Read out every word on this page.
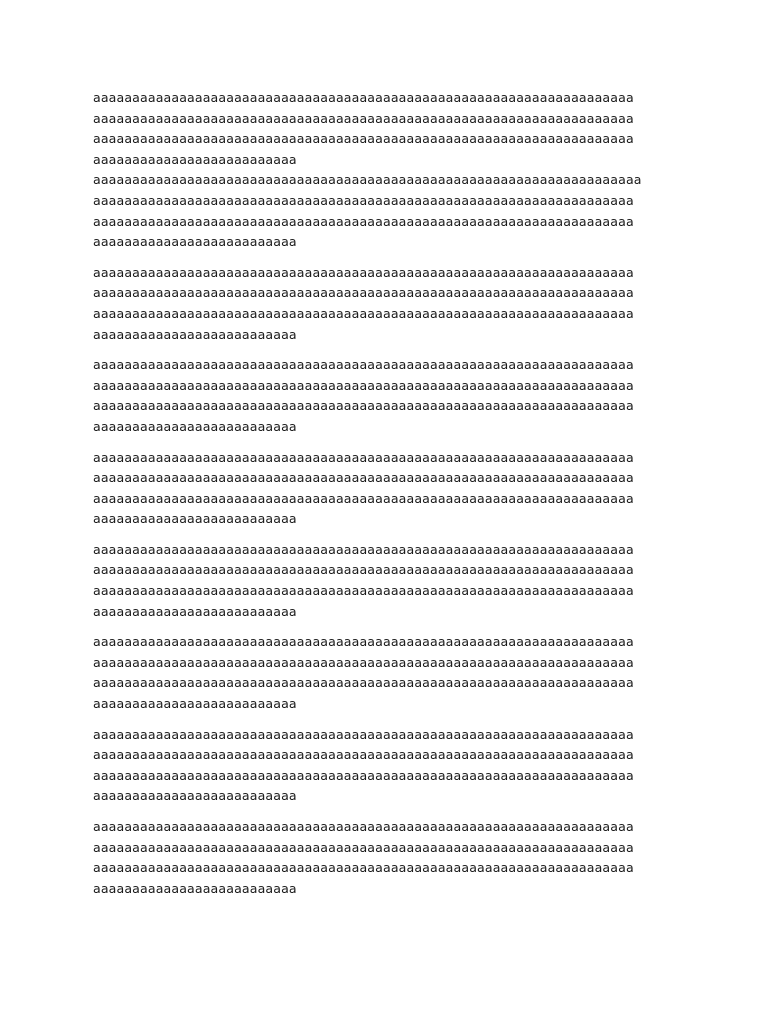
aaaaaaaaaaaaaaaaaaaaaaaaaaaaaaaaaaaaaaaaaaaaaaaaaaaaaaaaaaaaaaaaaaaaa
aaaaaaaaaaaaaaaaaaaaaaaaaaaaaaaaaaaaaaaaaaaaaaaaaaaaaaaaaaaaaaaaaaaaa
aaaaaaaaaaaaaaaaaaaaaaaaaaaaaaaaaaaaaaaaaaaaaaaaaaaaaaaaaaaaaaaaaaaaa
aaaaaaaaaaaaaaaaaaaaaaaaaa
aaaaaaaaaaaaaaaaaaaaaaaaaaaaaaaaaaaaaaaaaaaaaaaaaaaaaaaaaaaaaaaaaaaaaa
aaaaaaaaaaaaaaaaaaaaaaaaaaaaaaaaaaaaaaaaaaaaaaaaaaaaaaaaaaaaaaaaaaaaa
aaaaaaaaaaaaaaaaaaaaaaaaaaaaaaaaaaaaaaaaaaaaaaaaaaaaaaaaaaaaaaaaaaaaa
aaaaaaaaaaaaaaaaaaaaaaaaaa
aaaaaaaaaaaaaaaaaaaaaaaaaaaaaaaaaaaaaaaaaaaaaaaaaaaaaaaaaaaaaaaaaaaaa
aaaaaaaaaaaaaaaaaaaaaaaaaaaaaaaaaaaaaaaaaaaaaaaaaaaaaaaaaaaaaaaaaaaaa
aaaaaaaaaaaaaaaaaaaaaaaaaaaaaaaaaaaaaaaaaaaaaaaaaaaaaaaaaaaaaaaaaaaaa
aaaaaaaaaaaaaaaaaaaaaaaaaa
aaaaaaaaaaaaaaaaaaaaaaaaaaaaaaaaaaaaaaaaaaaaaaaaaaaaaaaaaaaaaaaaaaaaa
aaaaaaaaaaaaaaaaaaaaaaaaaaaaaaaaaaaaaaaaaaaaaaaaaaaaaaaaaaaaaaaaaaaaa
aaaaaaaaaaaaaaaaaaaaaaaaaaaaaaaaaaaaaaaaaaaaaaaaaaaaaaaaaaaaaaaaaaaaa
aaaaaaaaaaaaaaaaaaaaaaaaaa
aaaaaaaaaaaaaaaaaaaaaaaaaaaaaaaaaaaaaaaaaaaaaaaaaaaaaaaaaaaaaaaaaaaaa
aaaaaaaaaaaaaaaaaaaaaaaaaaaaaaaaaaaaaaaaaaaaaaaaaaaaaaaaaaaaaaaaaaaaa
aaaaaaaaaaaaaaaaaaaaaaaaaaaaaaaaaaaaaaaaaaaaaaaaaaaaaaaaaaaaaaaaaaaaa
aaaaaaaaaaaaaaaaaaaaaaaaaa
aaaaaaaaaaaaaaaaaaaaaaaaaaaaaaaaaaaaaaaaaaaaaaaaaaaaaaaaaaaaaaaaaaaaa
aaaaaaaaaaaaaaaaaaaaaaaaaaaaaaaaaaaaaaaaaaaaaaaaaaaaaaaaaaaaaaaaaaaaa
aaaaaaaaaaaaaaaaaaaaaaaaaaaaaaaaaaaaaaaaaaaaaaaaaaaaaaaaaaaaaaaaaaaaa
aaaaaaaaaaaaaaaaaaaaaaaaaa
aaaaaaaaaaaaaaaaaaaaaaaaaaaaaaaaaaaaaaaaaaaaaaaaaaaaaaaaaaaaaaaaaaaaa
aaaaaaaaaaaaaaaaaaaaaaaaaaaaaaaaaaaaaaaaaaaaaaaaaaaaaaaaaaaaaaaaaaaaa
aaaaaaaaaaaaaaaaaaaaaaaaaaaaaaaaaaaaaaaaaaaaaaaaaaaaaaaaaaaaaaaaaaaaa
aaaaaaaaaaaaaaaaaaaaaaaaaa
aaaaaaaaaaaaaaaaaaaaaaaaaaaaaaaaaaaaaaaaaaaaaaaaaaaaaaaaaaaaaaaaaaaaa
aaaaaaaaaaaaaaaaaaaaaaaaaaaaaaaaaaaaaaaaaaaaaaaaaaaaaaaaaaaaaaaaaaaaa
aaaaaaaaaaaaaaaaaaaaaaaaaaaaaaaaaaaaaaaaaaaaaaaaaaaaaaaaaaaaaaaaaaaaa
aaaaaaaaaaaaaaaaaaaaaaaaaa
aaaaaaaaaaaaaaaaaaaaaaaaaaaaaaaaaaaaaaaaaaaaaaaaaaaaaaaaaaaaaaaaaaaaa
aaaaaaaaaaaaaaaaaaaaaaaaaaaaaaaaaaaaaaaaaaaaaaaaaaaaaaaaaaaaaaaaaaaaa
aaaaaaaaaaaaaaaaaaaaaaaaaaaaaaaaaaaaaaaaaaaaaaaaaaaaaaaaaaaaaaaaaaaaa
aaaaaaaaaaaaaaaaaaaaaaaaaa
